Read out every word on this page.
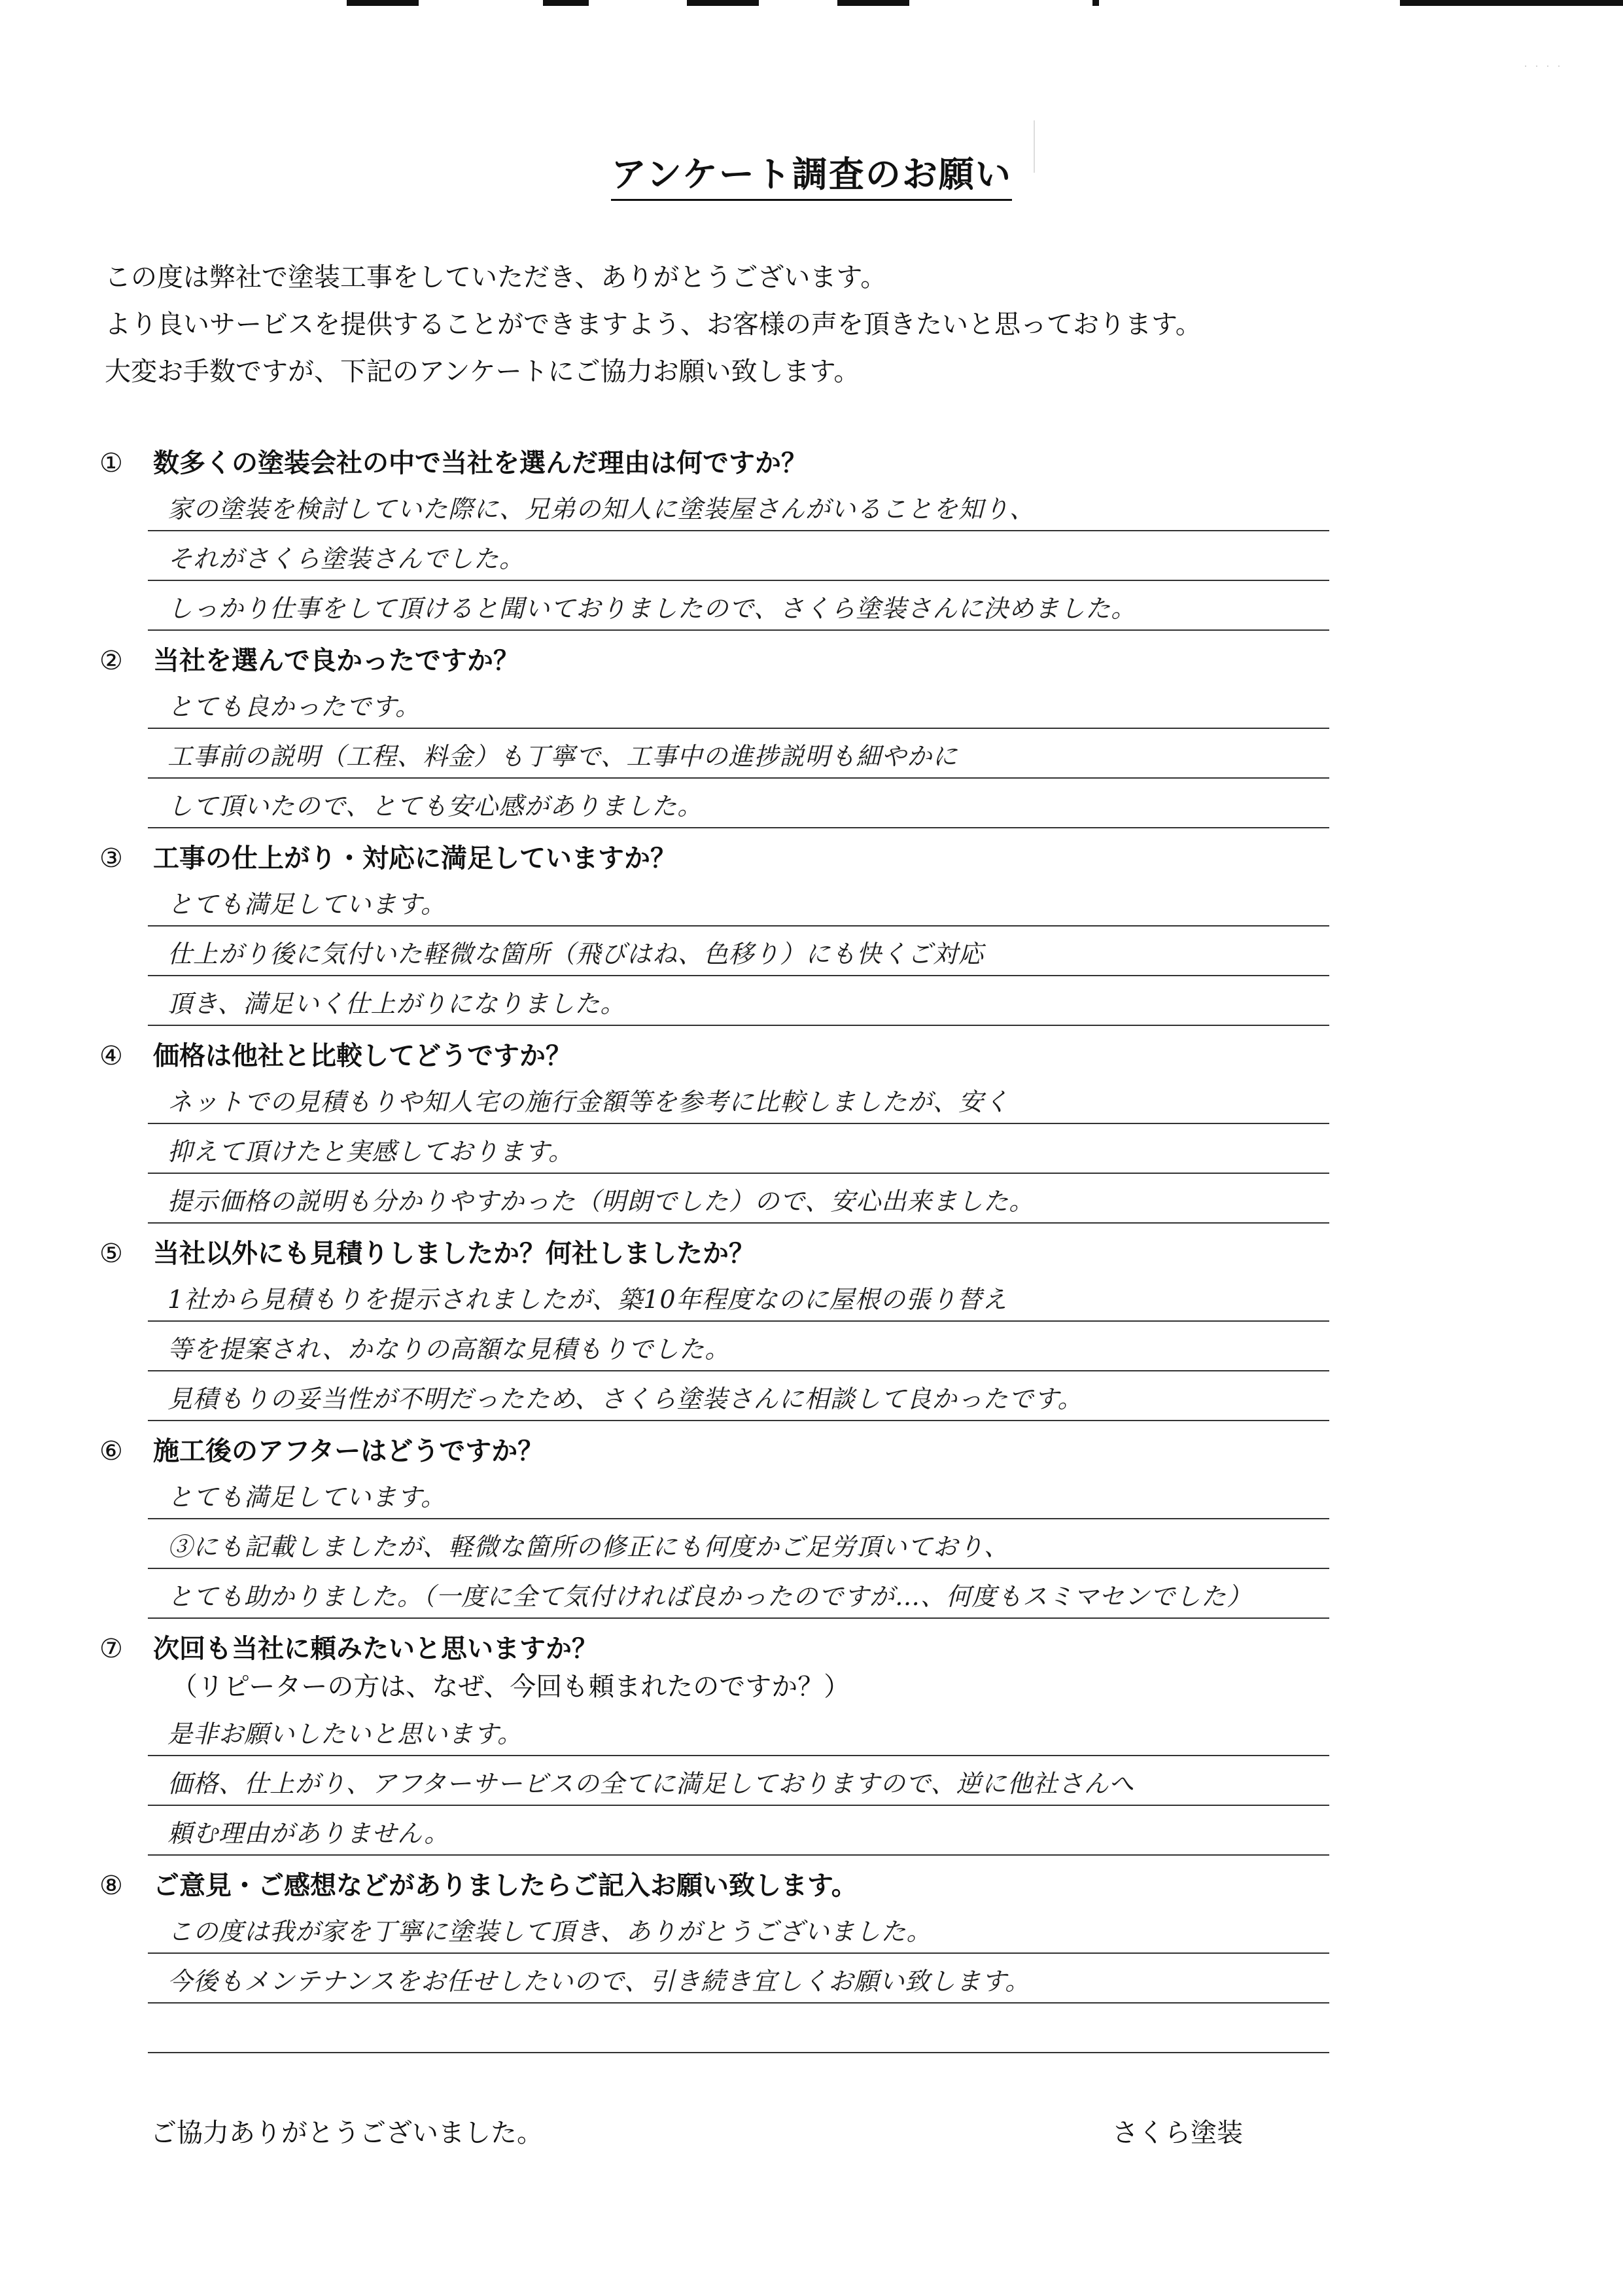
· · · ·
アンケート調査のお願い

この度は弊社で塗装工事をしていただき、ありがとうございます。

より良いサービスを提供することができますよう、お客様の声を頂きたいと思っております。

大変お手数ですが、下記のアンケートにご協力お願い致します。

①	数多くの塗装会社の中で当社を選んだ理由は何ですか？
家の塗装を検討していた際に、兄弟の知人に塗装屋さんがいることを知り、
それがさくら塗装さんでした。
しっかり仕事をして頂けると聞いておりましたので、さくら塗装さんに決めました。
②	当社を選んで良かったですか？
とても良かったです。
工事前の説明（工程、料金）も丁寧で、工事中の進捗説明も細やかに
して頂いたので、とても安心感がありました。
③	工事の仕上がり・対応に満足していますか？
とても満足しています。
仕上がり後に気付いた軽微な箇所（飛びはね、色移り）にも快くご対応
頂き、満足いく仕上がりになりました。
④	価格は他社と比較してどうですか？
ネットでの見積もりや知人宅の施行金額等を参考に比較しましたが、安く
抑えて頂けたと実感しております。
提示価格の説明も分かりやすかった（明朗でした）ので、安心出来ました。
⑤	当社以外にも見積りしましたか？何社しましたか？
1社から見積もりを提示されましたが、築10年程度なのに屋根の張り替え
等を提案され、かなりの高額な見積もりでした。
見積もりの妥当性が不明だったため、さくら塗装さんに相談して良かったです。
⑥	施工後のアフターはどうですか？
とても満足しています。
③にも記載しましたが、軽微な箇所の修正にも何度かご足労頂いており、
とても助かりました。（一度に全て気付ければ良かったのですが…、何度もスミマセンでした）
⑦	次回も当社に頼みたいと思いますか？
（リピーターの方は、なぜ、今回も頼まれたのですか？）
是非お願いしたいと思います。
価格、仕上がり、アフターサービスの全てに満足しておりますので、逆に他社さんへ
頼む理由がありません。
⑧	ご意見・ご感想などがありましたらご記入お願い致します。
この度は我が家を丁寧に塗装して頂き、ありがとうございました。
今後もメンテナンスをお任せしたいので、引き続き宜しくお願い致します。
ご協力ありがとうございました。	さくら塗装
